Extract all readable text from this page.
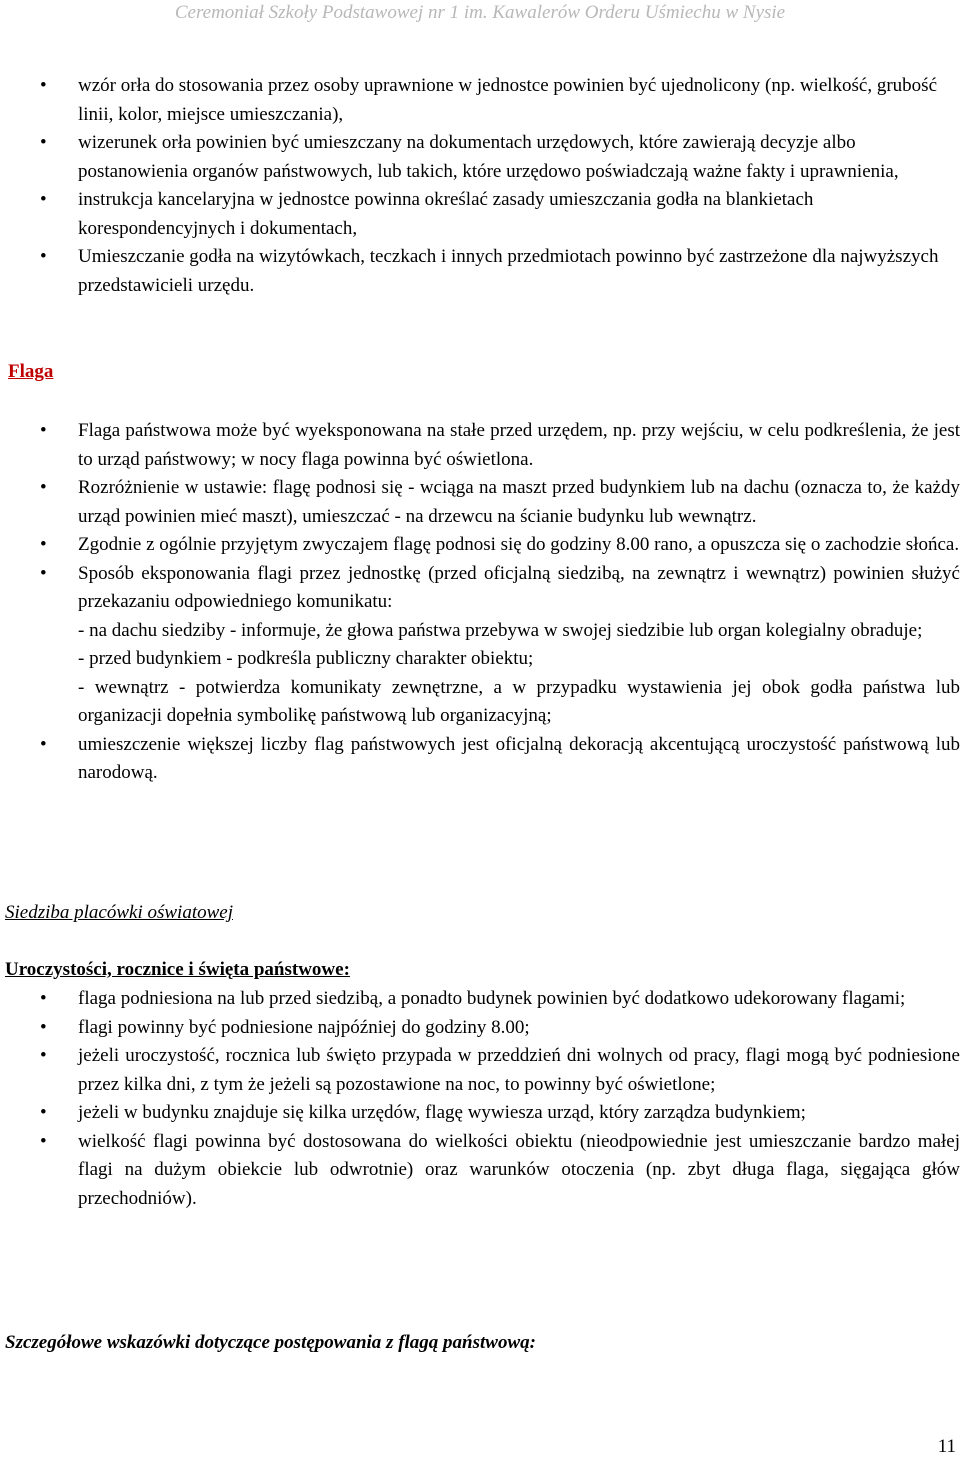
Ceremoniał Szkoły Podstawowej nr 1 im. Kawalerów Orderu Uśmiechu w Nysie
• wzór orła do stosowania przez osoby uprawnione w jednostce powinien być ujednolicony (np. wielkość, grubość linii, kolor, miejsce umieszczania),
• wizerunek orła powinien być umieszczany na dokumentach urzędowych, które zawierają decyzje albo postanowienia organów państwowych, lub takich, które urzędowo poświadczają ważne fakty i uprawnienia,
• instrukcja kancelaryjna w jednostce powinna określać zasady umieszczania godła na blankietach korespondencyjnych i dokumentach,
• Umieszczanie godła na wizytówkach, teczkach i innych przedmiotach powinno być zastrzeżone dla najwyższych przedstawicieli urzędu.
Flaga
• Flaga państwowa może być wyeksponowana na stałe przed urzędem, np. przy wejściu, w celu podkreślenia, że jest to urząd państwowy; w nocy flaga powinna być oświetlona.
• Rozróżnienie w ustawie: flagę podnosi się - wciąga na maszt przed budynkiem lub na dachu (oznacza to, że każdy urząd powinien mieć maszt), umieszczać - na drzewcu na ścianie budynku lub wewnątrz.
• Zgodnie z ogólnie przyjętym zwyczajem flagę podnosi się do godziny 8.00 rano, a opuszcza się o zachodzie słońca.
• Sposób eksponowania flagi przez jednostkę (przed oficjalną siedzibą, na zewnątrz i wewnątrz) powinien służyć przekazaniu odpowiedniego komunikatu:
- na dachu siedziby - informuje, że głowa państwa przebywa w swojej siedzibie lub organ kolegialny obraduje;
- przed budynkiem - podkreśla publiczny charakter obiektu;
- wewnątrz - potwierdza komunikaty zewnętrzne, a w przypadku wystawienia jej obok godła państwa lub organizacji dopełnia symbolikę państwową lub organizacyjną;
• umieszczenie większej liczby flag państwowych jest oficjalną dekoracją akcentującą uroczystość państwową lub narodową.
Siedziba placówki oświatowej
Uroczystości, rocznice i święta państwowe:
• flaga podniesiona na lub przed siedzibą, a ponadto budynek powinien być dodatkowo udekorowany flagami;
• flagi powinny być podniesione najpóźniej do godziny 8.00;
• jeżeli uroczystość, rocznica lub święto przypada w przeddzień dni wolnych od pracy, flagi mogą być podniesione przez kilka dni, z tym że jeżeli są pozostawione na noc, to powinny być oświetlone;
• jeżeli w budynku znajduje się kilka urzędów, flagę wywiesza urząd, który zarządza budynkiem;
• wielkość flagi powinna być dostosowana do wielkości obiektu (nieodpowiednie jest umieszczanie bardzo małej flagi na dużym obiekcie lub odwrotnie) oraz warunków otoczenia (np. zbyt długa flaga, sięgająca głów przechodniów).
Szczegółowe wskazówki dotyczące postępowania z flagą państwową:
11
